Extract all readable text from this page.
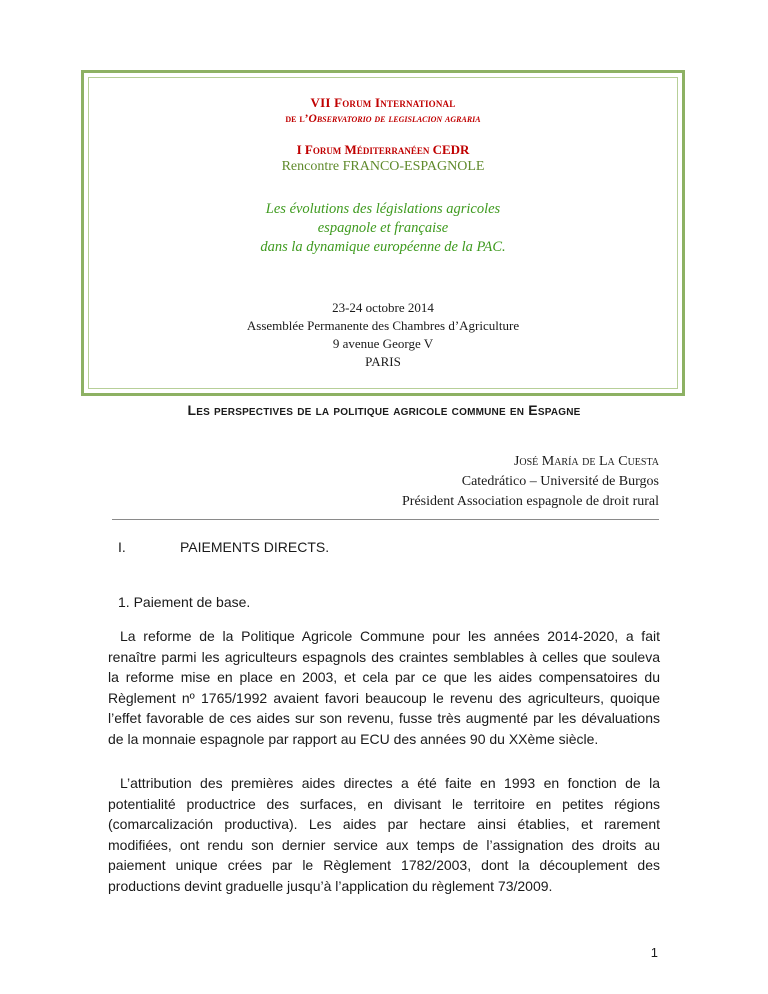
VII Forum International
de l’Observatorio de legislacion agraria
I Forum Méditerranéen CEDR
Rencontre FRANCO-ESPAGNOLE
Les évolutions des législations agricoles
espagnole et française
dans la dynamique européenne de la PAC.
23-24 octobre 2014
Assemblée Permanente des Chambres d’Agriculture
9 avenue George V
PARIS
Les perspectives de la politique agricole commune en Espagne
José María de La Cuesta
Catedrático – Université de Burgos
Président Association espagnole de droit rural
I.	PAIEMENTS DIRECTS.
1. Paiement de base.
La reforme de la Politique Agricole Commune pour les années 2014-2020, a fait renaître parmi les agriculteurs espagnols des craintes semblables à celles que souleva la reforme mise en place en 2003, et cela par ce que les aides compensatoires du Règlement nº 1765/1992 avaient favori beaucoup le revenu des agriculteurs, quoique l’effet favorable de ces aides sur son revenu, fusse très augmenté par les dévaluations de la monnaie espagnole par rapport au ECU des années 90 du XXème siècle.
L’attribution des premières aides directes a été faite en 1993 en fonction de la potentialité productrice des surfaces, en divisant le territoire en petites régions (comarcalización productiva). Les aides par hectare ainsi établies, et rarement modifiées, ont rendu son dernier service aux temps de l’assignation des droits au paiement unique crées par le Règlement 1782/2003, dont la découplement des productions devint graduelle jusqu’à l’application du règlement 73/2009.
1
